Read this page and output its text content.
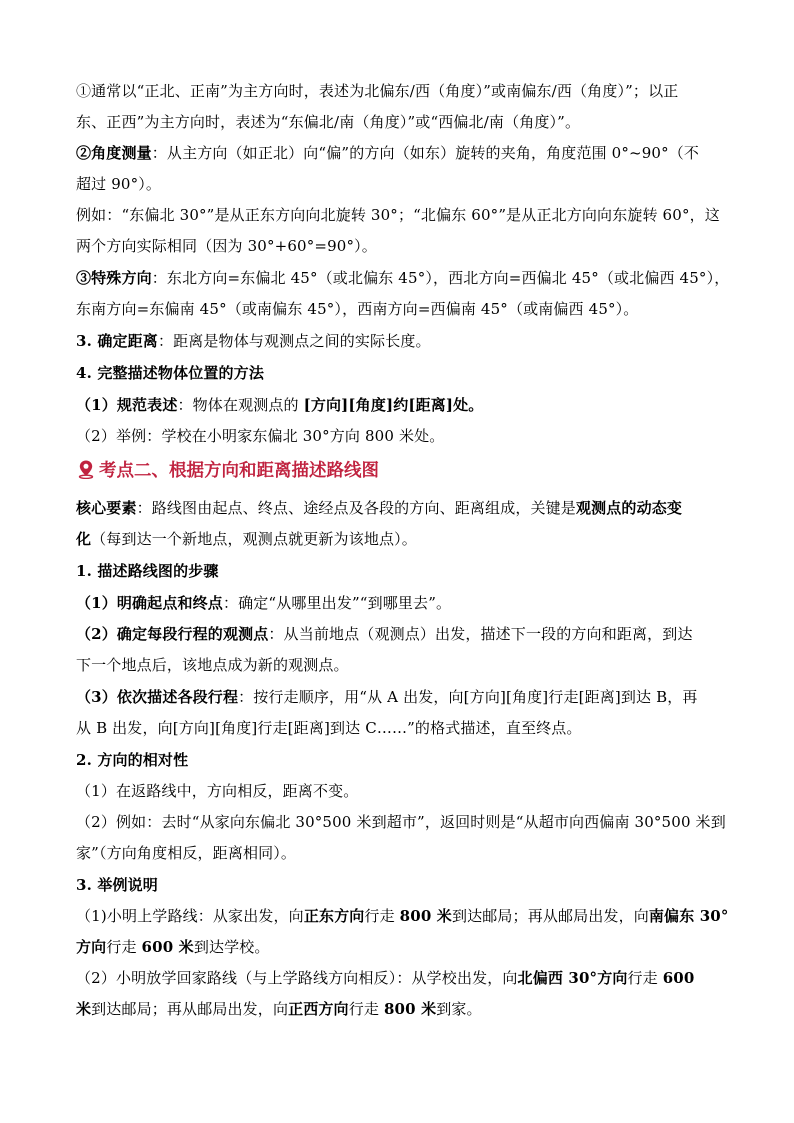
①通常以“正北、正南”为主方向时，表述为北偏东/西（角度）”或南偏东/西（角度）”；以正
东、正西”为主方向时，表述为“东偏北/南（角度）”或“西偏北/南（角度）”。
②角度测量：从主方向（如正北）向“偏”的方向（如东）旋转的夹角，角度范围 0°~90°（不
超过 90°）。
例如：“东偏北 30°”是从正东方向向北旋转 30°；“北偏东 60°”是从正北方向向东旋转 60°，这
两个方向实际相同（因为 30°+60°=90°）。
③特殊方向：东北方向=东偏北 45°（或北偏东 45°），西北方向=西偏北 45°（或北偏西 45°），
东南方向=东偏南 45°（或南偏东 45°），西南方向=西偏南 45°（或南偏西 45°）。
3. 确定距离：距离是物体与观测点之间的实际长度。
4. 完整描述物体位置的方法
（1）规范表述：物体在观测点的 [方向][角度]约[距离]处。
（2）举例：学校在小明家东偏北 30°方向 800 米处。
考点二、根据方向和距离描述路线图
核心要素：路线图由起点、终点、途经点及各段的方向、距离组成，关键是观测点的动态变
化（每到达一个新地点，观测点就更新为该地点）。
1. 描述路线图的步骤
（1）明确起点和终点：确定“从哪里出发”“到哪里去”。
（2）确定每段行程的观测点：从当前地点（观测点）出发，描述下一段的方向和距离，到达
下一个地点后，该地点成为新的观测点。
（3）依次描述各段行程：按行走顺序，用“从 A 出发，向[方向][角度]行走[距离]到达 B，再
从 B 出发，向[方向][角度]行走[距离]到达 C……”的格式描述，直至终点。
2. 方向的相对性
（1）在返路线中，方向相反，距离不变。
（2）例如：去时“从家向东偏北 30°500 米到超市”，返回时则是“从超市向西偏南 30°500 米到
家”（方向角度相反，距离相同）。
3. 举例说明
（1)小明上学路线：从家出发，向正东方向行走 800 米到达邮局；再从邮局出发，向南偏东 30°
方向行走 600 米到达学校。
（2）小明放学回家路线（与上学路线方向相反）：从学校出发，向北偏西 30°方向行走 600
米到达邮局；再从邮局出发，向正西方向行走 800 米到家。
